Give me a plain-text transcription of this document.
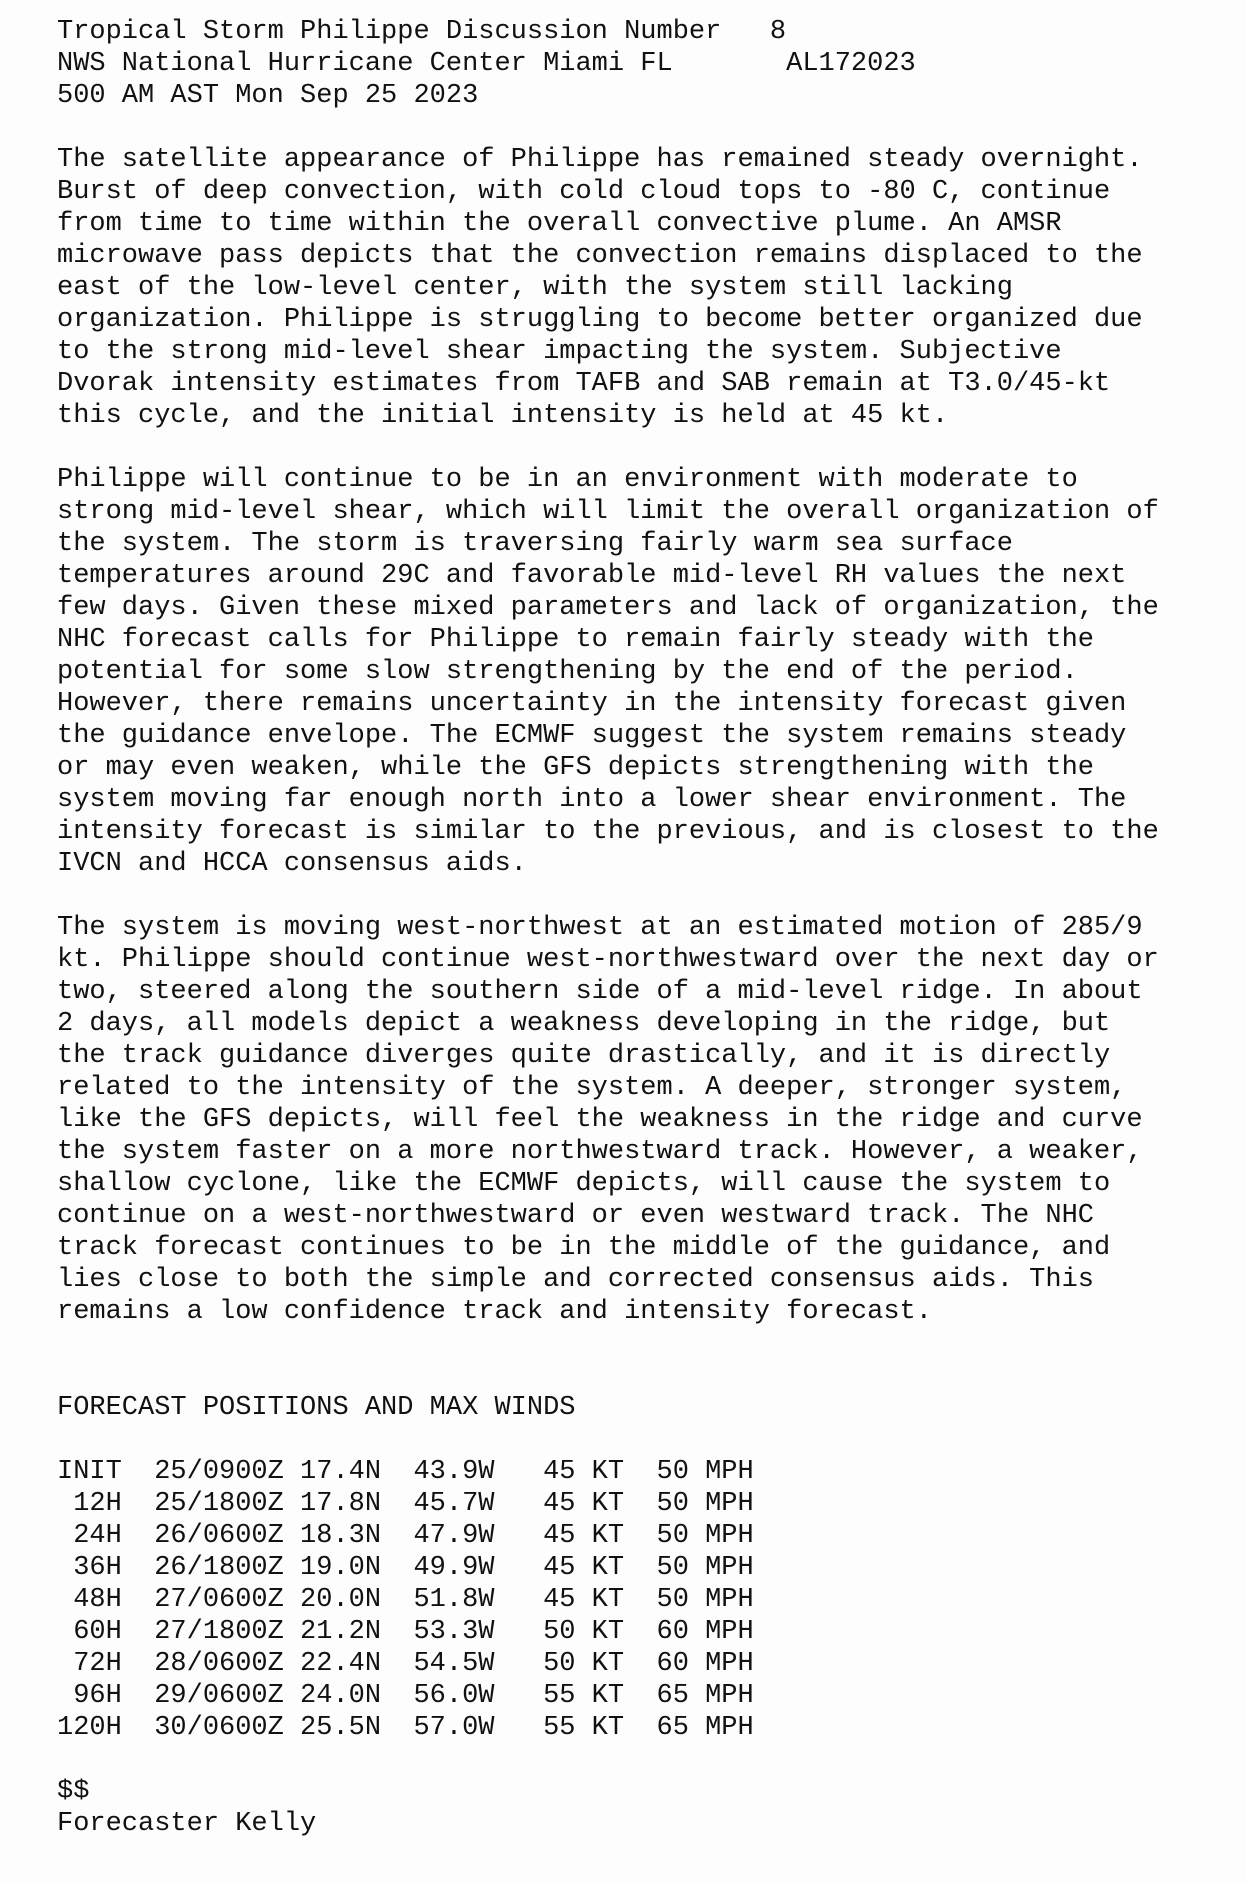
Tropical Storm Philippe Discussion Number   8
NWS National Hurricane Center Miami FL       AL172023
500 AM AST Mon Sep 25 2023
The satellite appearance of Philippe has remained steady overnight.
Burst of deep convection, with cold cloud tops to -80 C, continue
from time to time within the overall convective plume. An AMSR
microwave pass depicts that the convection remains displaced to the
east of the low-level center, with the system still lacking
organization. Philippe is struggling to become better organized due
to the strong mid-level shear impacting the system. Subjective
Dvorak intensity estimates from TAFB and SAB remain at T3.0/45-kt
this cycle, and the initial intensity is held at 45 kt.
Philippe will continue to be in an environment with moderate to
strong mid-level shear, which will limit the overall organization of
the system. The storm is traversing fairly warm sea surface
temperatures around 29C and favorable mid-level RH values the next
few days. Given these mixed parameters and lack of organization, the
NHC forecast calls for Philippe to remain fairly steady with the
potential for some slow strengthening by the end of the period.
However, there remains uncertainty in the intensity forecast given
the guidance envelope. The ECMWF suggest the system remains steady
or may even weaken, while the GFS depicts strengthening with the
system moving far enough north into a lower shear environment. The
intensity forecast is similar to the previous, and is closest to the
IVCN and HCCA consensus aids.
The system is moving west-northwest at an estimated motion of 285/9
kt. Philippe should continue west-northwestward over the next day or
two, steered along the southern side of a mid-level ridge. In about
2 days, all models depict a weakness developing in the ridge, but
the track guidance diverges quite drastically, and it is directly
related to the intensity of the system. A deeper, stronger system,
like the GFS depicts, will feel the weakness in the ridge and curve
the system faster on a more northwestward track. However, a weaker,
shallow cyclone, like the ECMWF depicts, will cause the system to
continue on a west-northwestward or even westward track. The NHC
track forecast continues to be in the middle of the guidance, and
lies close to both the simple and corrected consensus aids. This
remains a low confidence track and intensity forecast.
FORECAST POSITIONS AND MAX WINDS
INIT  25/0900Z 17.4N  43.9W   45 KT  50 MPH
12H  25/1800Z 17.8N  45.7W   45 KT  50 MPH
24H  26/0600Z 18.3N  47.9W   45 KT  50 MPH
36H  26/1800Z 19.0N  49.9W   45 KT  50 MPH
48H  27/0600Z 20.0N  51.8W   45 KT  50 MPH
60H  27/1800Z 21.2N  53.3W   50 KT  60 MPH
72H  28/0600Z 22.4N  54.5W   50 KT  60 MPH
96H  29/0600Z 24.0N  56.0W   55 KT  65 MPH
120H  30/0600Z 25.5N  57.0W   55 KT  65 MPH
$$
Forecaster Kelly
